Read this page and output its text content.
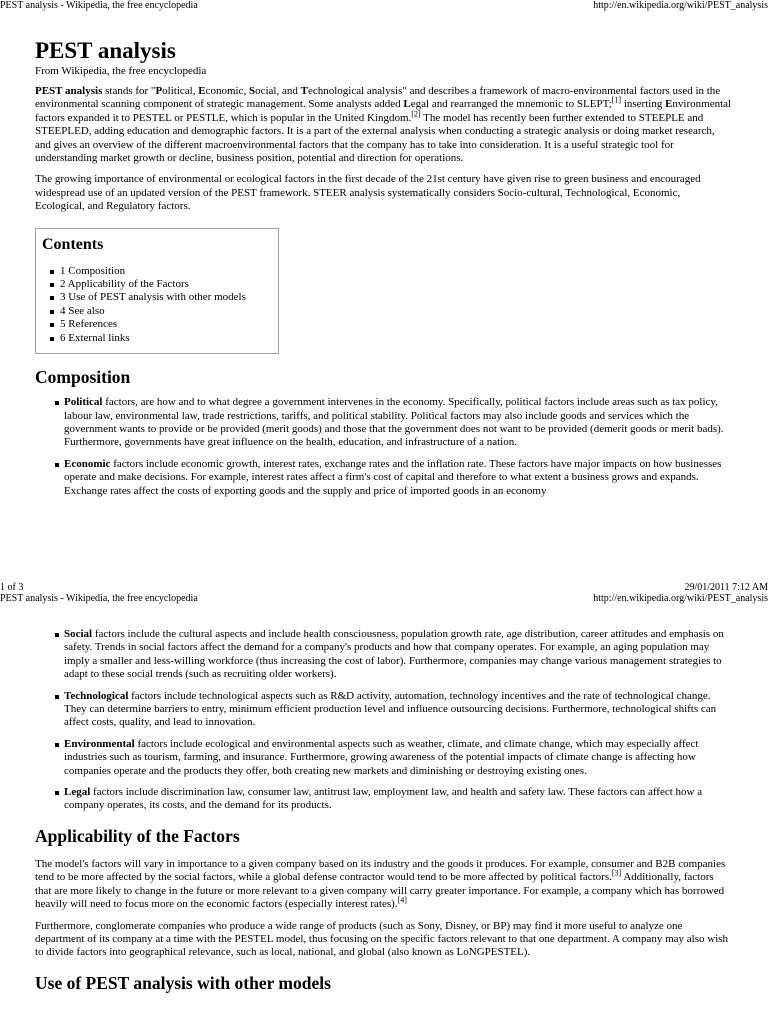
PEST analysis - Wikipedia, the free encyclopedia	http://en.wikipedia.org/wiki/PEST_analysis
PEST analysis
From Wikipedia, the free encyclopedia

PEST analysis stands for "Political, Economic, Social, and Technological analysis" and describes a framework of macro-environmental factors used in the environmental scanning component of strategic management. Some analysts added Legal and rearranged the mnemonic to SLEPT;[1] inserting Environmental factors expanded it to PESTEL or PESTLE, which is popular in the United Kingdom.[2] The model has recently been further extended to STEEPLE and STEEPLED, adding education and demographic factors. It is a part of the external analysis when conducting a strategic analysis or doing market research, and gives an overview of the different macroenvironmental factors that the company has to take into consideration. It is a useful strategic tool for understanding market growth or decline, business position, potential and direction for operations.

The growing importance of environmental or ecological factors in the first decade of the 21st century have given rise to green business and encouraged widespread use of an updated version of the PEST framework. STEER analysis systematically considers Socio-cultural, Technological, Economic, Ecological, and Regulatory factors.

Contents
1 Composition
2 Applicability of the Factors
3 Use of PEST analysis with other models
4 See also
5 References
6 External links
Composition
Political factors, are how and to what degree a government intervenes in the economy. Specifically, political factors include areas such as tax policy, labour law, environmental law, trade restrictions, tariffs, and political stability. Political factors may also include goods and services which the government wants to provide or be provided (merit goods) and those that the government does not want to be provided (demerit goods or merit bads). Furthermore, governments have great influence on the health, education, and infrastructure of a nation.
Economic factors include economic growth, interest rates, exchange rates and the inflation rate. These factors have major impacts on how businesses operate and make decisions. For example, interest rates affect a firm's cost of capital and therefore to what extent a business grows and expands. Exchange rates affect the costs of exporting goods and the supply and price of imported goods in an economy
1 of 3	29/01/2011 7:12 AM
PEST analysis - Wikipedia, the free encyclopedia	http://en.wikipedia.org/wiki/PEST_analysis
Social factors include the cultural aspects and include health consciousness, population growth rate, age distribution, career attitudes and emphasis on safety. Trends in social factors affect the demand for a company's products and how that company operates. For example, an aging population may imply a smaller and less-willing workforce (thus increasing the cost of labor). Furthermore, companies may change various management strategies to adapt to these social trends (such as recruiting older workers).
Technological factors include technological aspects such as R&D activity, automation, technology incentives and the rate of technological change. They can determine barriers to entry, minimum efficient production level and influence outsourcing decisions. Furthermore, technological shifts can affect costs, quality, and lead to innovation.
Environmental factors include ecological and environmental aspects such as weather, climate, and climate change, which may especially affect industries such as tourism, farming, and insurance. Furthermore, growing awareness of the potential impacts of climate change is affecting how companies operate and the products they offer, both creating new markets and diminishing or destroying existing ones.
Legal factors include discrimination law, consumer law, antitrust law, employment law, and health and safety law. These factors can affect how a company operates, its costs, and the demand for its products.
Applicability of the Factors

The model's factors will vary in importance to a given company based on its industry and the goods it produces. For example, consumer and B2B companies tend to be more affected by the social factors, while a global defense contractor would tend to be more affected by political factors.[3] Additionally, factors that are more likely to change in the future or more relevant to a given company will carry greater importance. For example, a company which has borrowed heavily will need to focus more on the economic factors (especially interest rates).[4]

Furthermore, conglomerate companies who produce a wide range of products (such as Sony, Disney, or BP) may find it more useful to analyze one department of its company at a time with the PESTEL model, thus focusing on the specific factors relevant to that one department. A company may also wish to divide factors into geographical relevance, such as local, national, and global (also known as LoNGPESTEL).

Use of PEST analysis with other models
